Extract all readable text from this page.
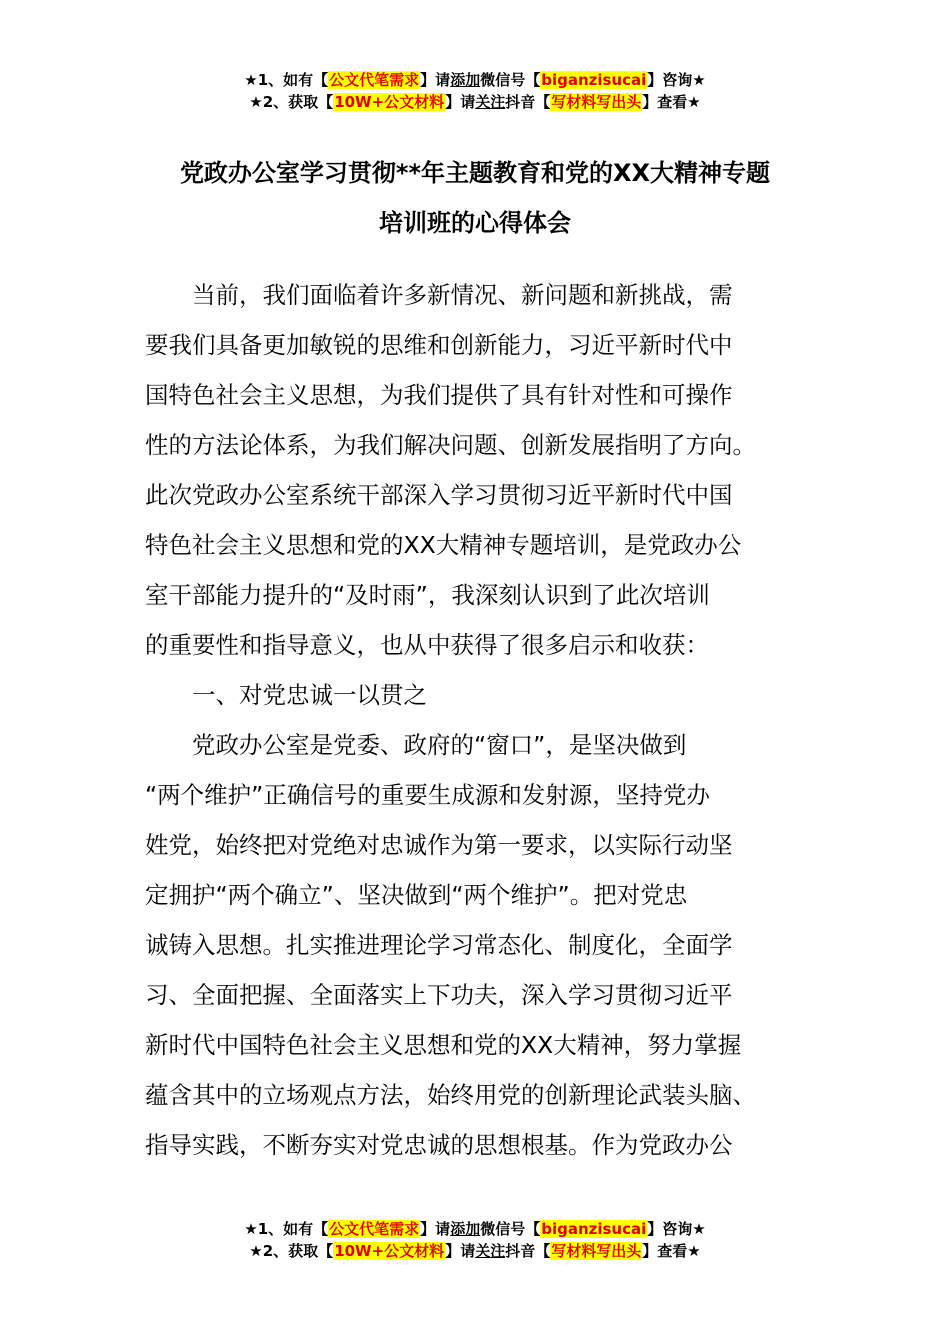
★1、如有【公文代笔需求】请添加微信号【biganzisucai】咨询★
★2、获取【10W+公文材料】请关注抖音【写材料写出头】查看★
党政办公室学习贯彻**年主题教育和党的XX大精神专题
培训班的心得体会
　　当前，我们面临着许多新情况、新问题和新挑战，需
要我们具备更加敏锐的思维和创新能力，习近平新时代中
国特色社会主义思想，为我们提供了具有针对性和可操作
性的方法论体系，为我们解决问题、创新发展指明了方向。
此次党政办公室系统干部深入学习贯彻习近平新时代中国
特色社会主义思想和党的XX大精神专题培训，是党政办公
室干部能力提升的“及时雨”，我深刻认识到了此次培训
的重要性和指导意义，也从中获得了很多启示和收获：
　　一、对党忠诚一以贯之
　　党政办公室是党委、政府的“窗口”，是坚决做到
“两个维护”正确信号的重要生成源和发射源，坚持党办
姓党，始终把对党绝对忠诚作为第一要求，以实际行动坚
定拥护“两个确立”、坚决做到“两个维护”。把对党忠
诚铸入思想。扎实推进理论学习常态化、制度化，全面学
习、全面把握、全面落实上下功夫，深入学习贯彻习近平
新时代中国特色社会主义思想和党的XX大精神，努力掌握
蕴含其中的立场观点方法，始终用党的创新理论武装头脑、
指导实践，不断夯实对党忠诚的思想根基。作为党政办公
★1、如有【公文代笔需求】请添加微信号【biganzisucai】咨询★
★2、获取【10W+公文材料】请关注抖音【写材料写出头】查看★
